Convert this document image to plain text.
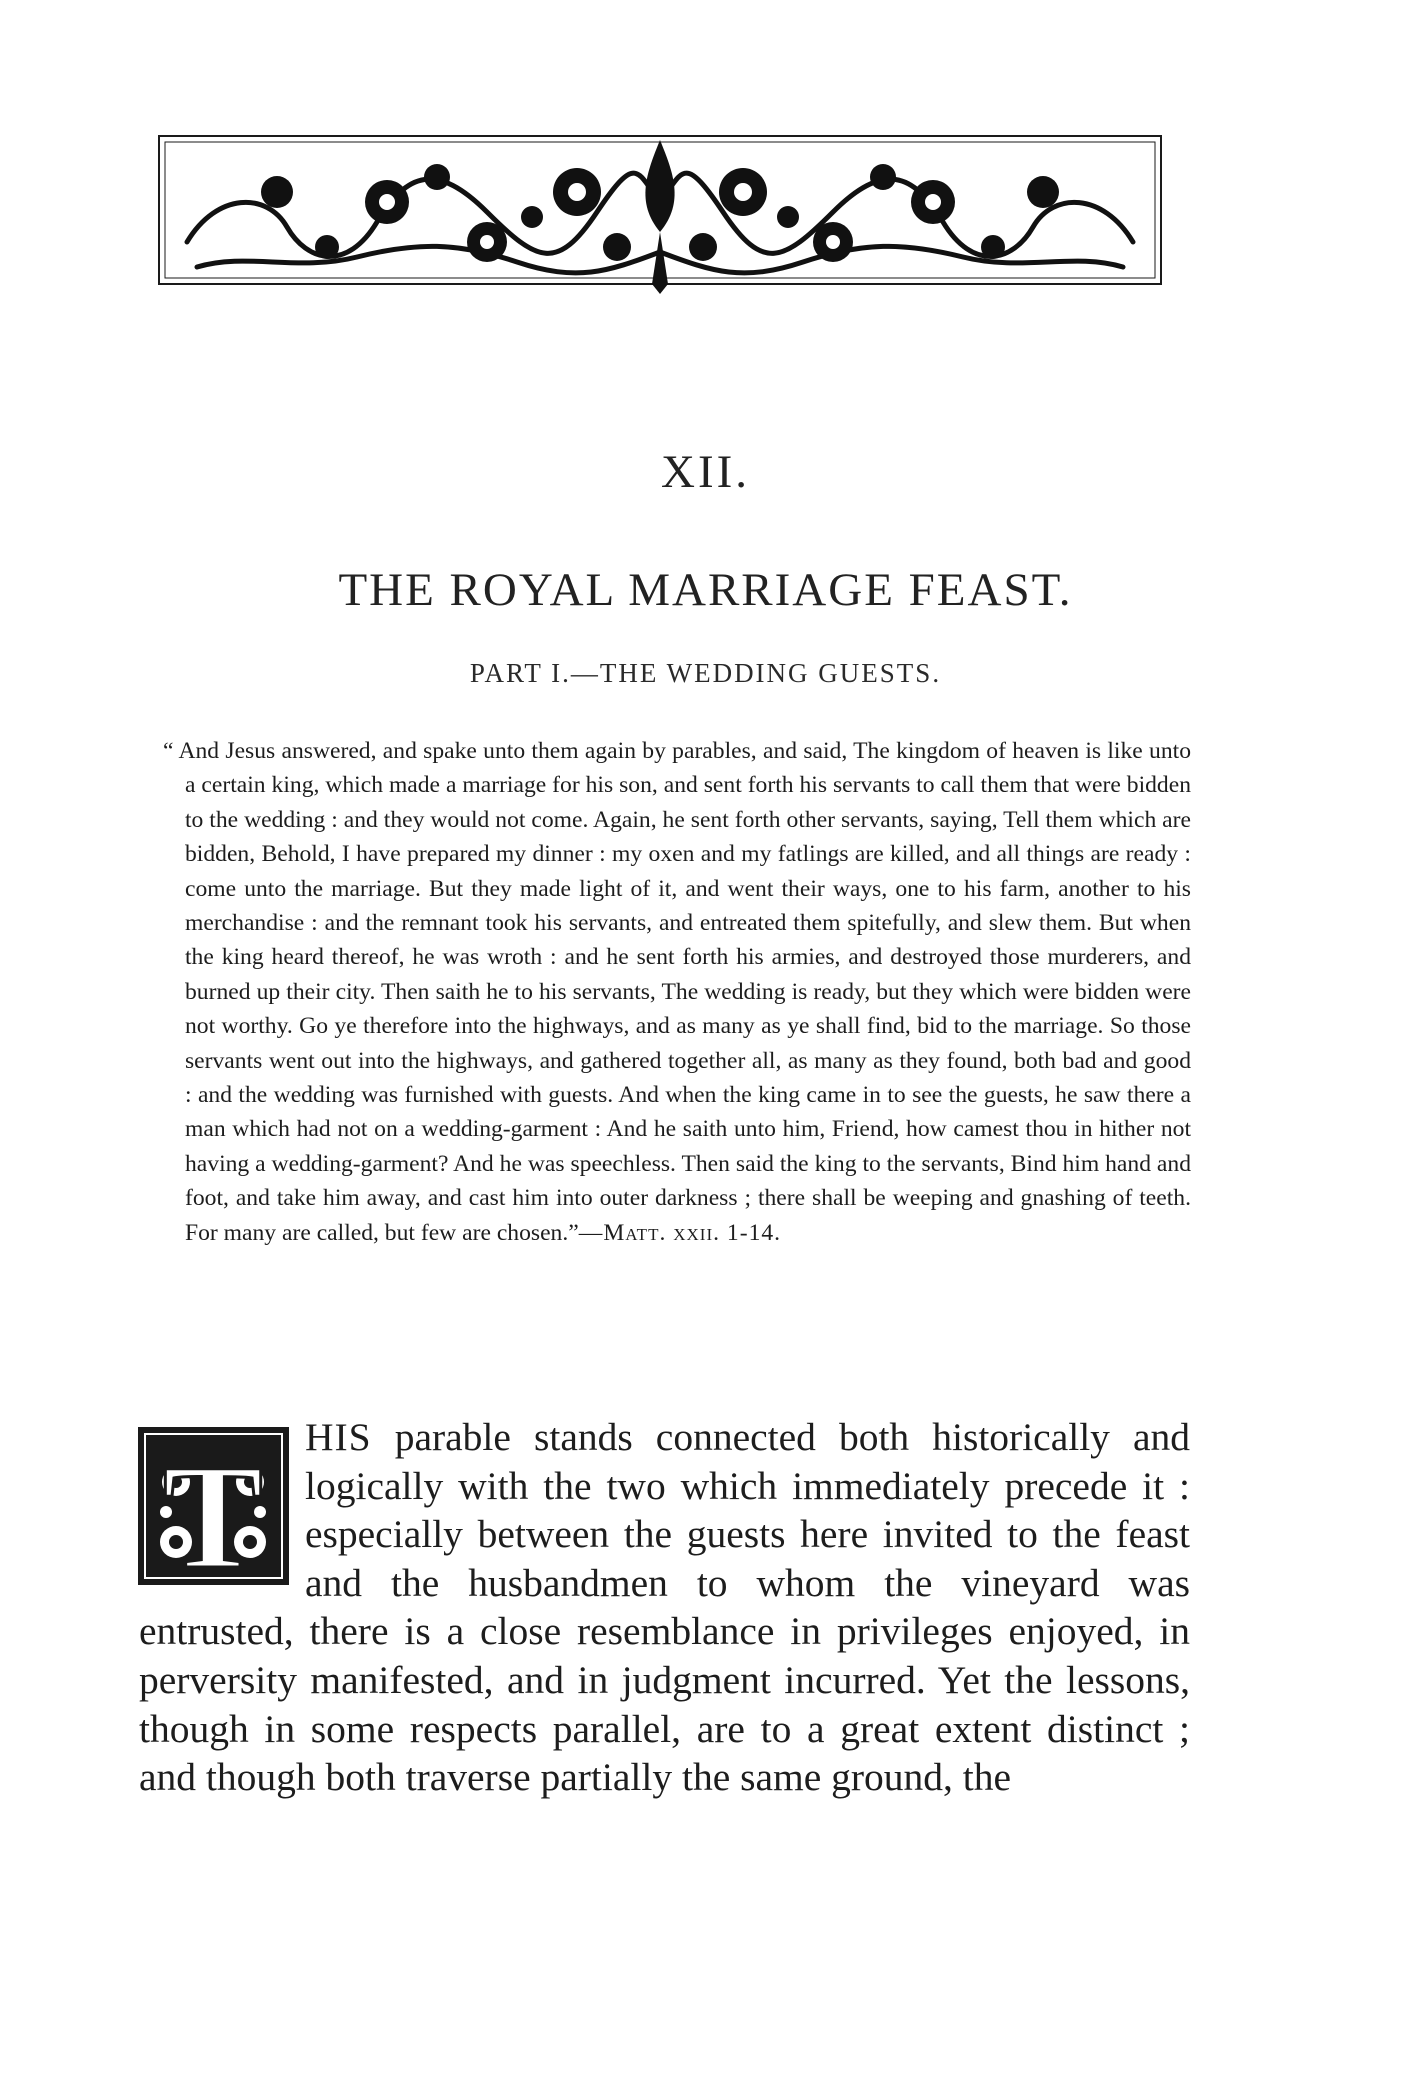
XII.
THE ROYAL MARRIAGE FEAST.
PART I.—THE WEDDING GUESTS.

“ And Jesus answered, and spake unto them again by parables, and said, The kingdom of heaven is like unto a certain king, which made a marriage for his son, and sent forth his servants to call them that were bidden to the wedding : and they would not come. Again, he sent forth other servants, saying, Tell them which are bidden, Behold, I have prepared my dinner : my oxen and my fatlings are killed, and all things are ready : come unto the marriage. But they made light of it, and went their ways, one to his farm, another to his merchandise : and the remnant took his servants, and entreated them spitefully, and slew them. But when the king heard thereof, he was wroth : and he sent forth his armies, and destroyed those murderers, and burned up their city. Then saith he to his servants, The wedding is ready, but they which were bidden were not worthy. Go ye therefore into the highways, and as many as ye shall find, bid to the marriage. So those servants went out into the highways, and gathered together all, as many as they found, both bad and good : and the wedding was furnished with guests. And when the king came in to see the guests, he saw there a man which had not on a wedding-garment : And he saith unto him, Friend, how camest thou in hither not having a wedding-garment? And he was speechless. Then said the king to the servants, Bind him hand and foot, and take him away, and cast him into outer darkness ; there shall be weeping and gnashing of teeth. For many are called, but few are chosen.”—Matt. xxii. 1-14.

T	HIS parable stands connected both historically and logically with the two which immediately precede it : especially between the guests here invited to the feast and the husbandmen to whom the vineyard was entrusted, there is a close resemblance in privileges enjoyed, in perversity manifested, and in judgment incurred. Yet the lessons, though in some respects parallel, are to a great extent distinct ; and though both traverse partially the same ground, the
